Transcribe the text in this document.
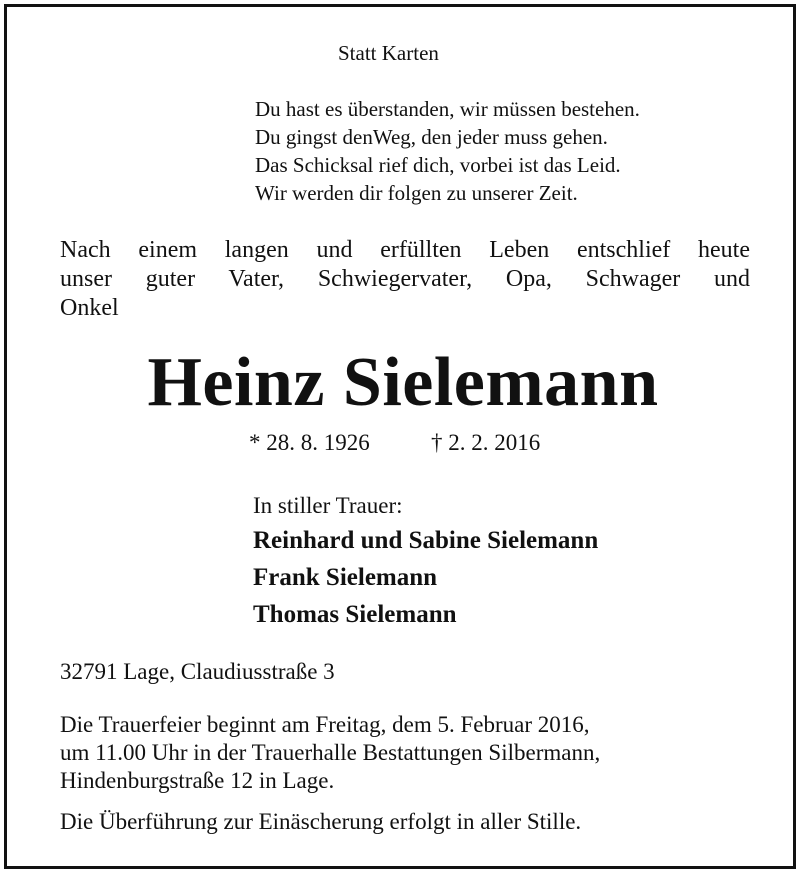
Statt Karten
Du hast es überstanden, wir müssen bestehen.
Du gingst denWeg, den jeder muss gehen.
Das Schicksal rief dich, vorbei ist das Leid.
Wir werden dir folgen zu unserer Zeit.
Nach einem langen und erfüllten Leben entschlief heute
unser guter Vater, Schwiegervater, Opa, Schwager und
Onkel
Heinz Sielemann
* 28. 8. 1926	† 2. 2. 2016
In stiller Trauer:
Reinhard und Sabine Sielemann
Frank Sielemann
Thomas Sielemann
32791 Lage, Claudiusstraße 3
Die Trauerfeier beginnt am Freitag, dem 5. Februar 2016,
um 11.00 Uhr in der Trauerhalle Bestattungen Silbermann,
Hindenburgstraße 12 in Lage.
Die Überführung zur Einäscherung erfolgt in aller Stille.
